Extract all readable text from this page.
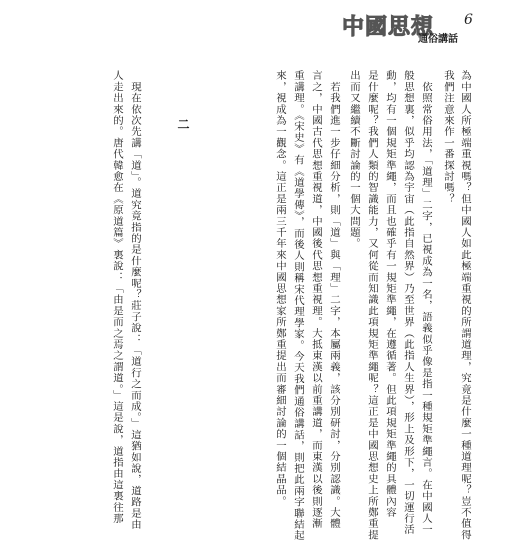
中國思想
通俗講話
6
為中國人所極端重視嗎？但中國人如此極端重視的所謂道理，究竟是什麼一種道理呢？豈不值得
我們注意來作一番探討嗎？
　依照常俗用法，「道理」二字，已視成為一名，語義似乎像是指一種規矩準繩言。在中國人一
般思想裏，似乎均認為宇宙（此指自然界）乃至世界（此指人生界），形上及形下，一切運行活
動，均有一個規矩準繩，而且也確乎有一規矩準繩，在遵循著。但此項規矩準繩的具體內容
是什麼呢？我們人類的智識能力，又何從而知識此項規矩準繩呢？這正是中國思想史上所鄭重提
出而又繼續不斷討論的一個大問題。
　若我們進一步仔細分析，則「道」與「理」二字，本屬兩義，該分別研討，分別認識。大體
言之，中國古代思想重視道，中國後代思想重視理。大抵東漢以前重講道，而東漢以後則逐漸
重講理。《宋史》有《道學傳》，而後人則稱宋代理學家。今天我們通俗講話，則把此兩字聯結起
來，視成為一觀念。這正是兩三千年來中國思想家所鄭重提出而審細討論的一個結晶品。
二
　現在依次先講「道」。道究竟指的是什麼呢？莊子說：「道行之而成。」這猶如說，道路是由
人走出來的。唐代韓愈在《原道篇》裏說：「由是而之焉之謂道。」這是說，道指由這裏往那
